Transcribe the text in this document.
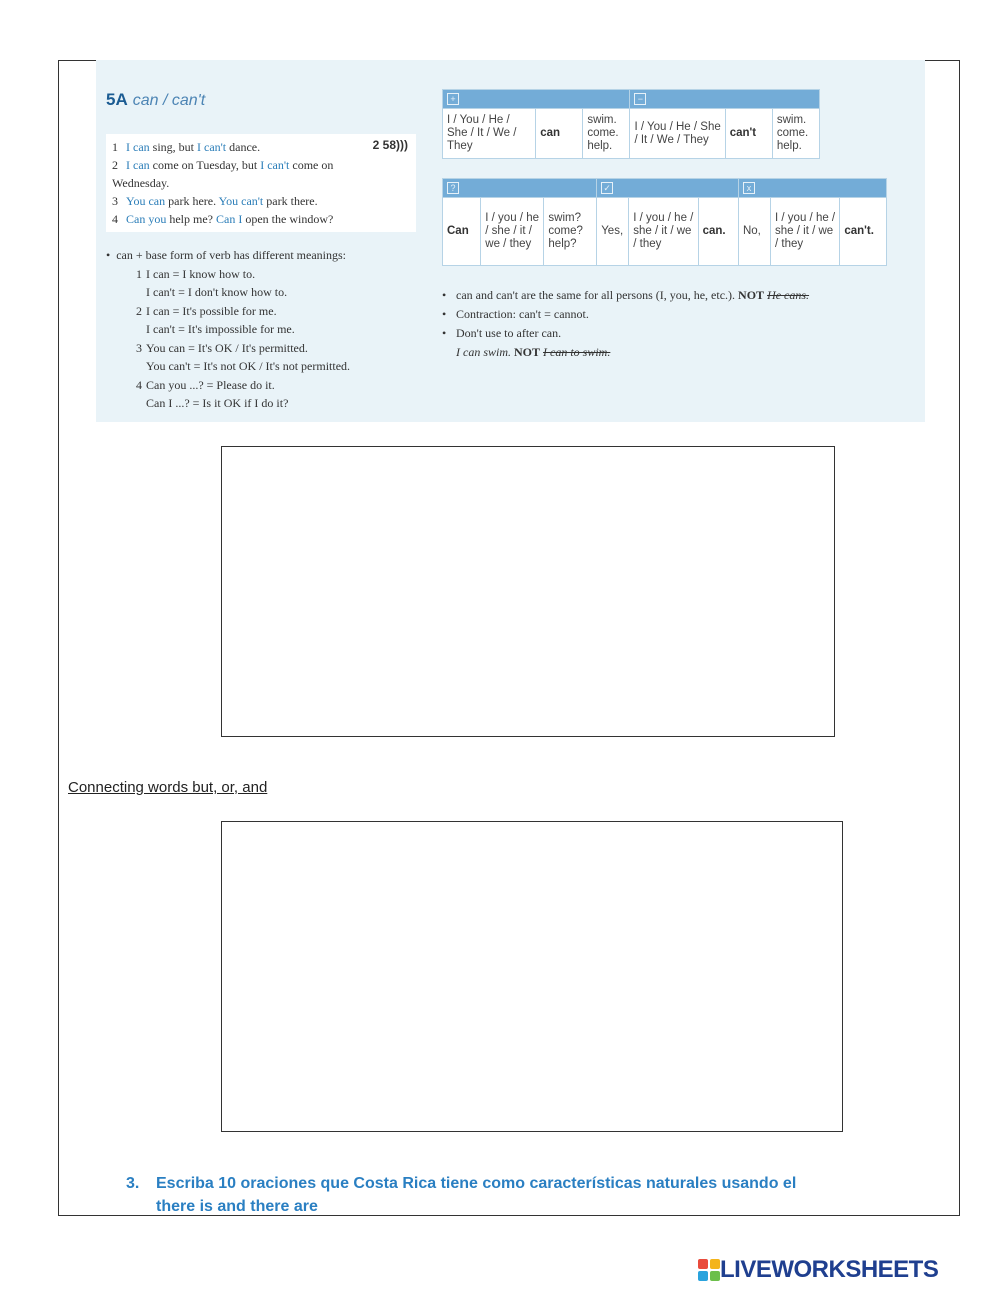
5A can / can't
2 58)))
1 I can sing, but I can't dance.
2 I can come on Tuesday, but I can't come on
Wednesday.
3 You can park here. You can't park there.
4 Can you help me? Can I open the window?
•  can + base form of verb has different meanings:
1 I can = I know how to.
I can't = I don't know how to.
2 I can = It's possible for me.
I can't = It's impossible for me.
3 You can = It's OK / It's permitted.
You can't = It's not OK / It's not permitted.
4 Can you ...? = Please do it.
Can I ...? = Is it OK if I do it?
+			−		
I / You / He / She / It / We / They	can	swim. come. help.	I / You / He / She / It / We / They	can't	swim. come. help.
?			✓			x		
Can	I / you / he / she / it / we / they	swim? come? help?	Yes,	I / you / he / she / it / we / they	can.	No,	I / you / he / she / it / we / they	can't.
• can and can't are the same for all persons (I, you, he, etc.). NOT He cans.
• Contraction: can't = cannot.
• Don't use to after can.
I can swim. NOT I can to swim.
Connecting words but, or, and
3. Escriba 10 oraciones que Costa Rica tiene como características naturales usando el
there is and there are
LIVEWORKSHEETS
